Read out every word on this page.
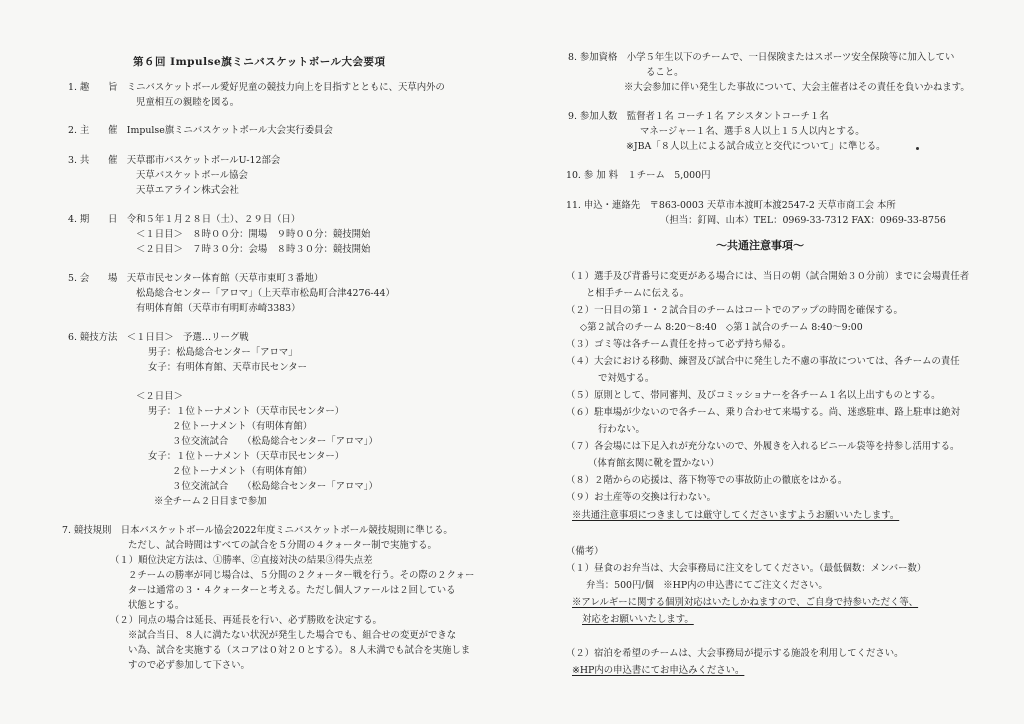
第６回 Impulse旗ミニバスケットボール大会要項
1. 趣　　旨　ミニバスケットボール愛好児童の競技力向上を目指すとともに、天草内外の
児童相互の親睦を図る。
2. 主　　催　Impulse旗ミニバスケットボール大会実行委員会
3. 共　　催　天草郡市バスケットボールU-12部会
天草バスケットボール協会
天草エアライン株式会社
4. 期　　日　令和５年１月２８日（土）、２９日（日）
＜１日目＞　８時００分：開場　９時００分：競技開始
＜２日目＞　７時３０分：会場　８時３０分：競技開始
5. 会　　場　天草市民センター体育館（天草市東町３番地）
松島総合センター「アロマ」（上天草市松島町合津4276-44）
有明体育館（天草市有明町赤崎3383）
6. 競技方法　＜１日目＞　予選…リーグ戦
男子：松島総合センター「アロマ」
女子：有明体育館、天草市民センター
＜２日目＞
男子：１位トーナメント（天草市民センター）
２位トーナメント（有明体育館）
３位交流試合　　（松島総合センター「アロマ」）
女子：１位トーナメント（天草市民センター）
２位トーナメント（有明体育館）
３位交流試合　　（松島総合センター「アロマ」）
※全チーム２日目まで参加
7. 競技規則　日本バスケットボール協会2022年度ミニバスケットボール競技規則に準じる。
ただし、試合時間はすべての試合を５分間の４クォーター制で実施する。
（１）順位決定方法は、①勝率、②直接対決の結果③得失点差
２チームの勝率が同じ場合は、５分間の２クォーター戦を行う。その際の２クォー
ターは通常の３・４クォーターと考える。ただし個人ファールは２回している
状態とする。
（２）同点の場合は延長、再延長を行い、必ず勝敗を決定する。
※試合当日、８人に満たない状況が発生した場合でも、組合せの変更ができな
い為、試合を実施する（スコアは０対２０とする）。８人未満でも試合を実施しま
すので必ず参加して下さい。
8. 参加資格　小学５年生以下のチームで、一日保険またはスポーツ安全保険等に加入してい
ること。
※大会参加に伴い発生した事故について、大会主催者はその責任を負いかねます。
9. 参加人数　監督者１名 コーチ１名 アシスタントコーチ１名
マネージャー１名、選手８人以上１５人以内とする。
※JBA「８人以上による試合成立と交代について」に準じる。
10. 参 加 料　１チーム　5,000円
11. 申込・連絡先　〒863-0003 天草市本渡町本渡2547-2 天草市商工会 本所
（担当：釘岡、山本）TEL：0969-33-7312 FAX：0969-33-8756
～共通注意事項～
（１）選手及び背番号に変更がある場合には、当日の朝（試合開始３０分前）までに会場責任者
と相手チームに伝える。
（２）一日目の第１・２試合目のチームはコートでのアップの時間を確保する。
◇第２試合のチーム 8:20～8:40　◇第１試合のチーム 8:40～9:00
（３）ゴミ等は各チーム責任を持って必ず持ち帰る。
（４）大会における移動、練習及び試合中に発生した不慮の事故については、各チームの責任
で対処する。
（５）原則として、帯同審判、及びコミッショナーを各チーム１名以上出すものとする。
（６）駐車場が少ないので各チーム、乗り合わせて来場する。尚、迷惑駐車、路上駐車は絶対
行わない。
（７）各会場には下足入れが充分ないので、外履きを入れるビニール袋等を持参し活用する。
（体育館玄関に靴を置かない）
（８）２階からの応援は、落下物等での事故防止の徹底をはかる。
（９）お土産等の交換は行わない。
※共通注意事項につきましては厳守してくださいますようお願いいたします。
（備考）
（１）昼食のお弁当は、大会事務局に注文をしてください。（最低個数：メンバー数）
弁当：500円/個　※HP内の申込書にてご注文ください。
※アレルギーに関する個別対応はいたしかねますので、ご自身で持参いただく等、
対応をお願いいたします。
（２）宿泊を希望のチームは、大会事務局が提示する施設を利用してください。
※HP内の申込書にてお申込みください。
